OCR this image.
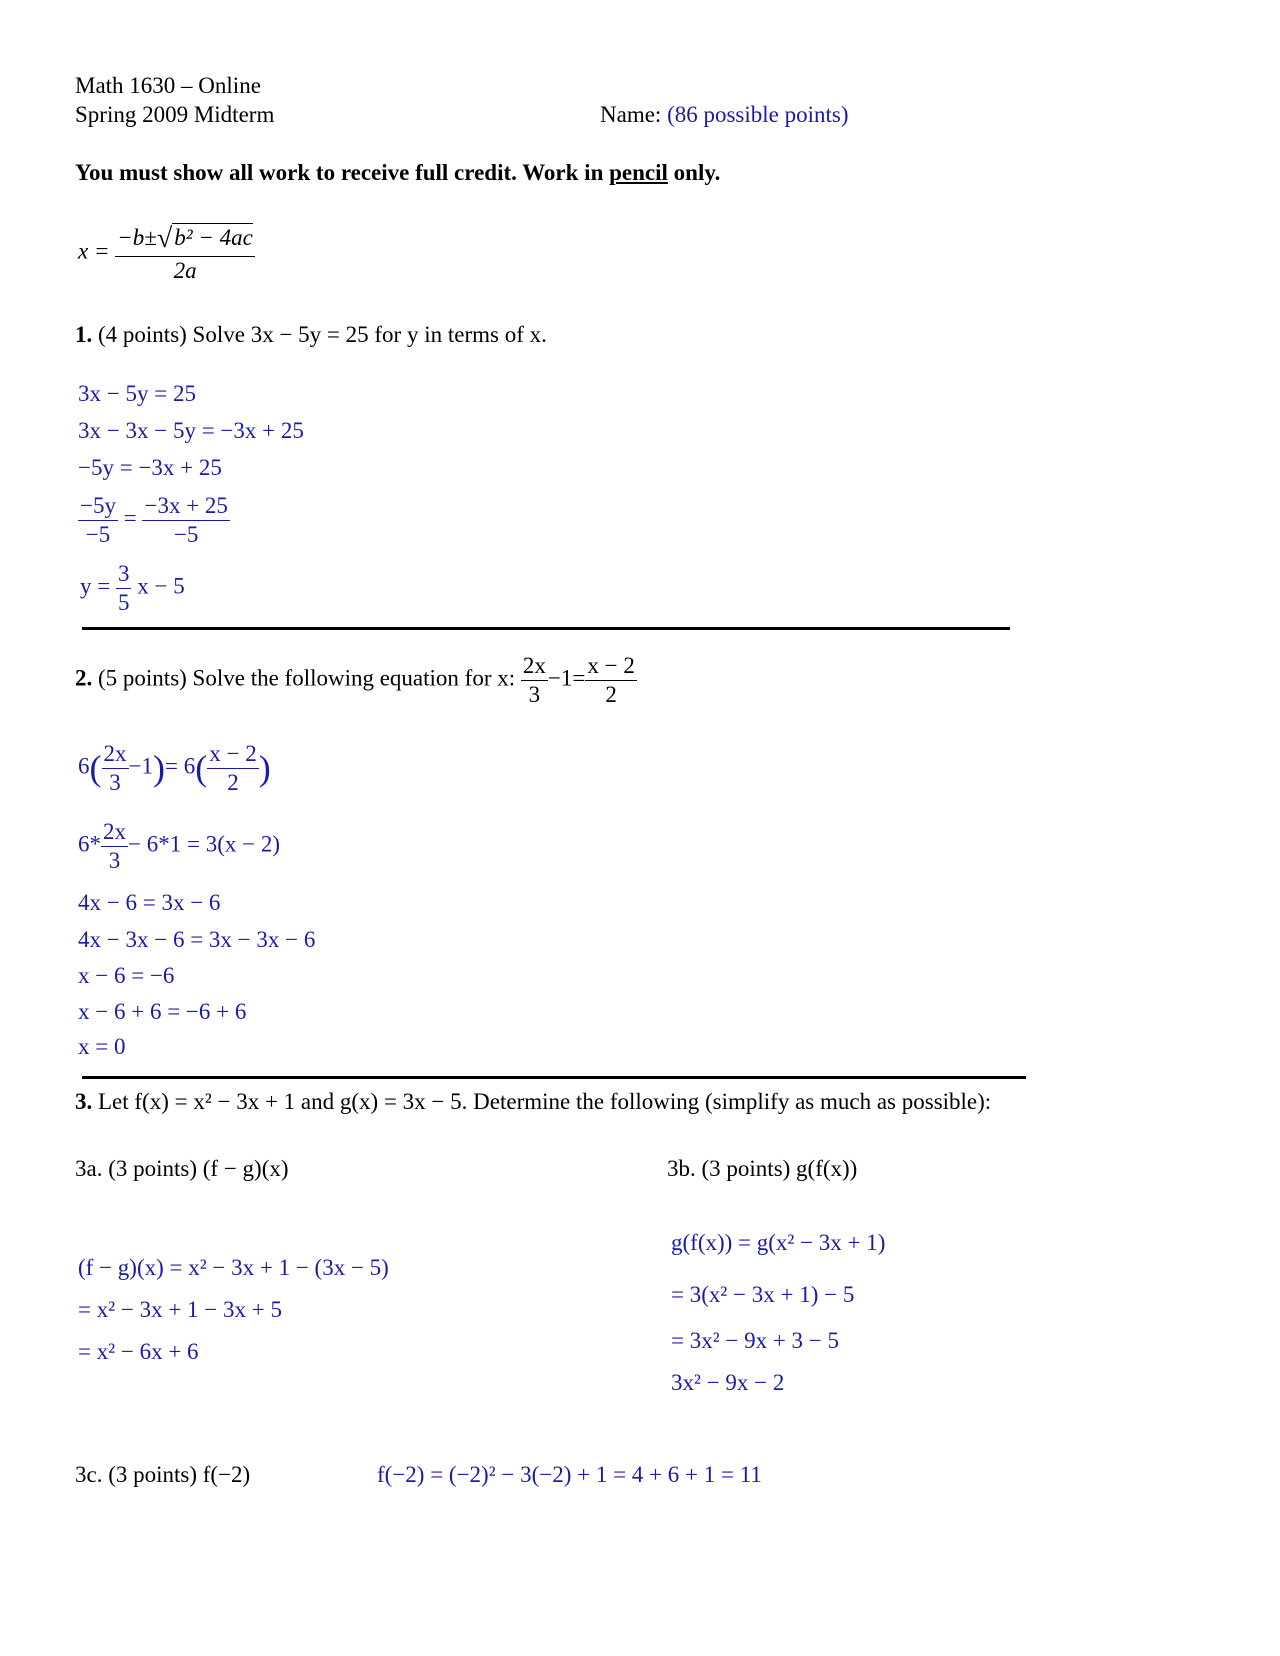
Math 1630 – Online
Spring 2009 Midterm	Name: (86 possible points)
You must show all work to receive full credit. Work in pencil only.
$x = \frac{\text{−b±√b² − 4ac}}{2a}$
1. (4 points) Solve 3x − 5y = 25 for y in terms of x.
3x − 5y = 25
3x − 3x − 5y = −3x + 25
−5y = −3x + 25
$\frac{-5y}{-5} = \frac{-3x + 25}{-5}$
$y = \frac{3}{5}$ x − 5
2. (5 points) Solve the following equation for x: $\frac{2x}{3} -1= \frac{x - 2}{2}$
$6( \frac{2x}{3} -1)= 6( \frac{x - 2}{2}$ )
$6* \frac{2x}{3} - 6*1 = 3(x - 2)$
4x − 6 = 3x − 6
4x − 3x − 6 = 3x − 3x − 6
x − 6 = −6
x − 6 + 6 = −6 + 6
x = 0
3. Let f(x) = x² − 3x + 1 and g(x) = 3x − 5. Determine the following (simplify as much as possible):
3a. (3 points) (f − g)(x)	3b. (3 points) g(f(x))
(f − g)(x) = x² − 3x + 1 − (3x − 5)
= x² − 3x + 1 − 3x + 5
= x² − 6x + 6
g(f(x)) = g(x² − 3x + 1)
= 3(x² − 3x + 1) − 5
= 3x² − 9x + 3 − 5
3x² − 9x − 2
3c. (3 points) f(−2)	f(−2) = (−2)² − 3(−2) + 1 = 4 + 6 + 1 = 11
